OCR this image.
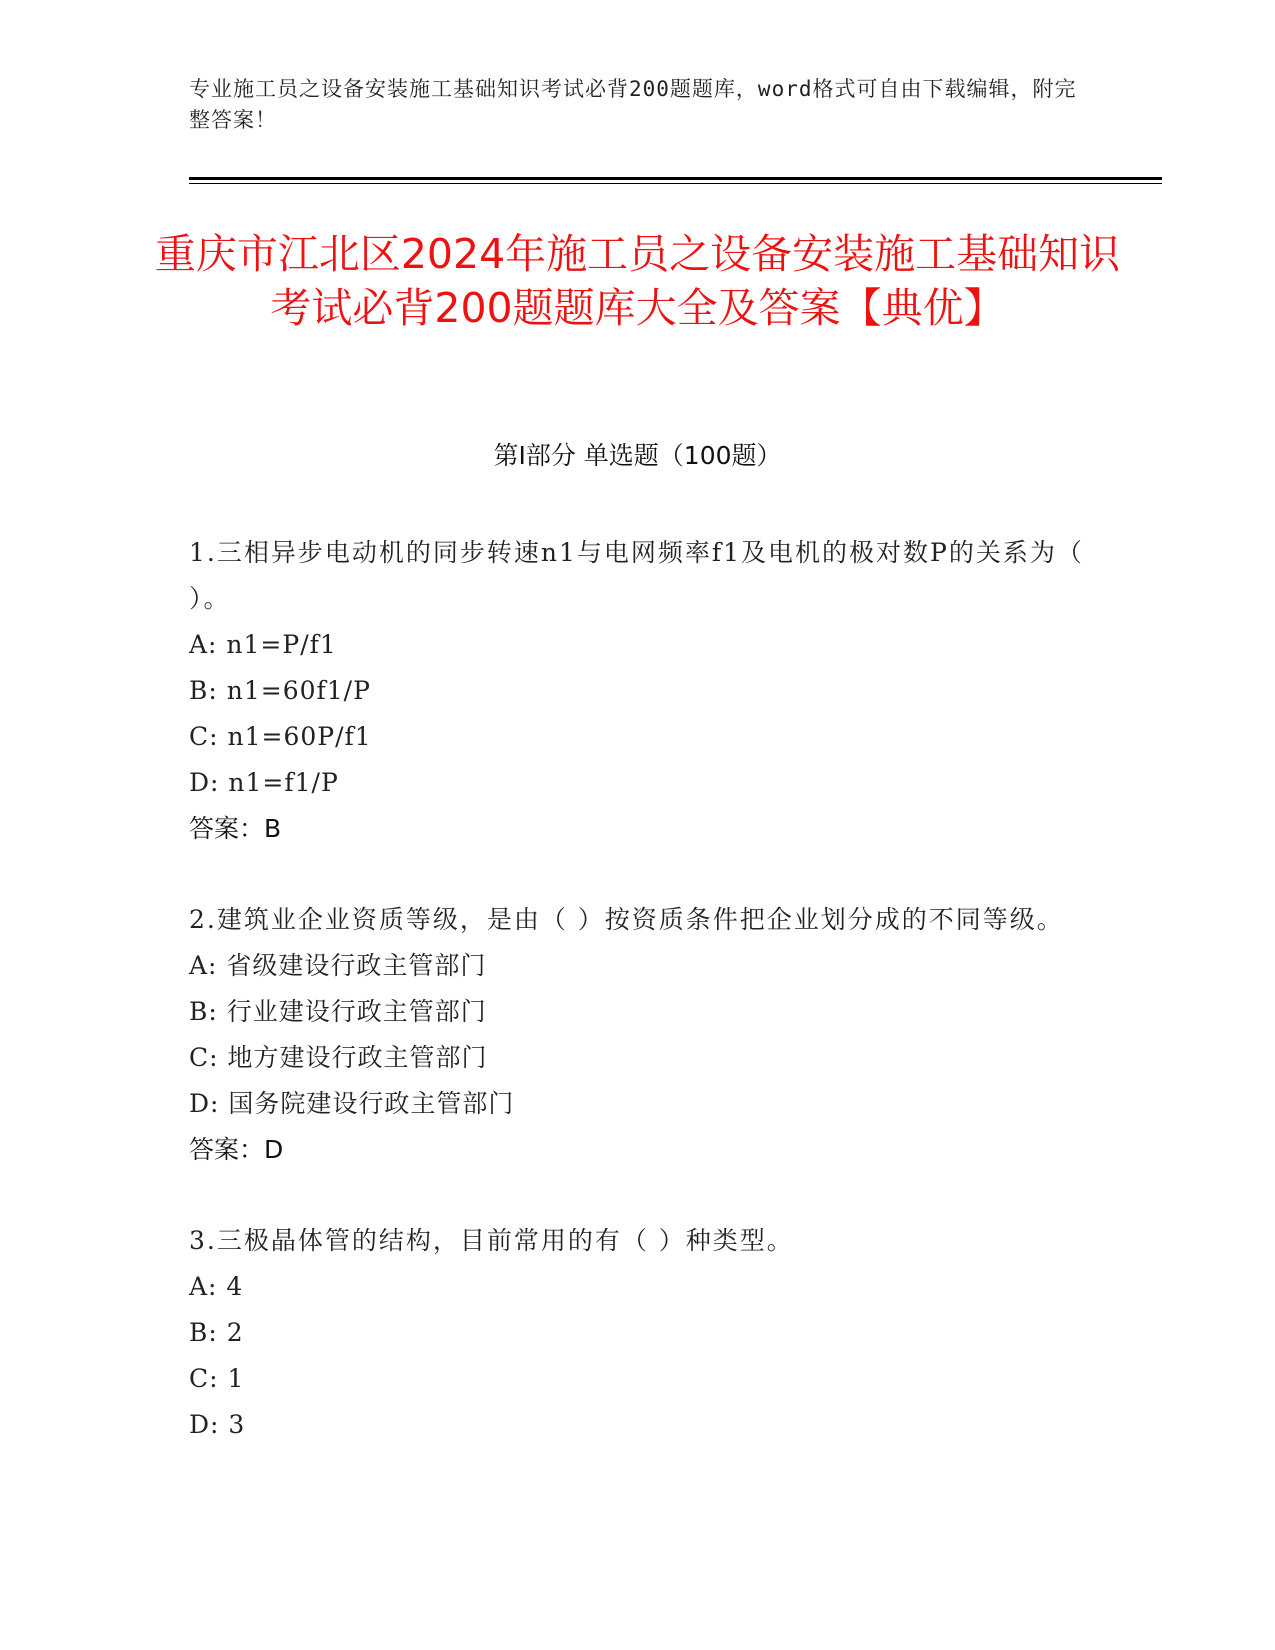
专业施工员之设备安装施工基础知识考试必背200题题库，word格式可自由下载编辑，附完整答案！
重庆市江北区2024年施工员之设备安装施工基础知识考试必背200题题库大全及答案【典优】
第Ⅰ部分 单选题（100题）
1.三相异步电动机的同步转速n1与电网频率f1及电机的极对数P的关系为（ ）。
A: n1=P/f1
B: n1=60f1/P
C: n1=60P/f1
D: n1=f1/P
答案：B
2.建筑业企业资质等级，是由（ ）按资质条件把企业划分成的不同等级。
A: 省级建设行政主管部门
B: 行业建设行政主管部门
C: 地方建设行政主管部门
D: 国务院建设行政主管部门
答案：D
3.三极晶体管的结构，目前常用的有（ ）种类型。
A: 4
B: 2
C: 1
D: 3
